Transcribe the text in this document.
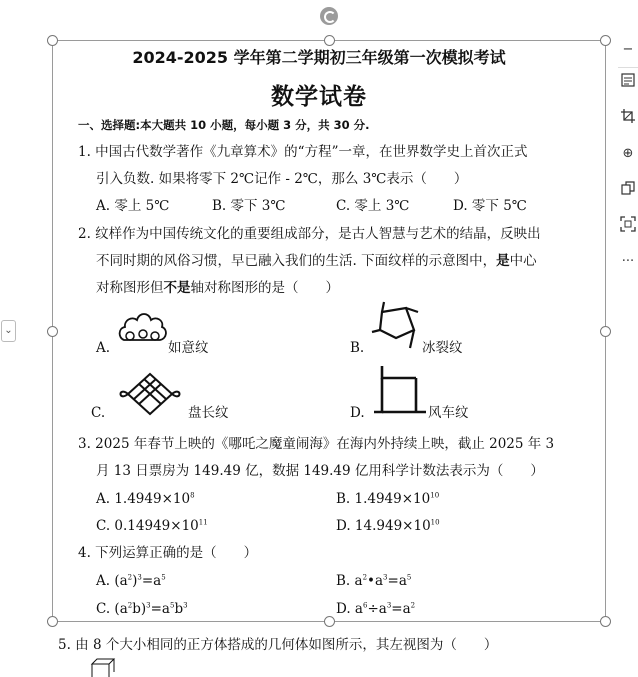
⌄
−
⊕
···
2024-2025 学年第二学期初三年级第一次模拟考试
数学试卷
一、选择题:本大题共 10 小题，每小题 3 分，共 30 分.
1. 中国古代数学著作《九章算术》的“方程”一章，在世界数学史上首次正式
引入负数. 如果将零下 2℃记作 - 2℃，那么 3℃表示（　　）
A. 零上 5℃	B. 零下 3℃	C. 零上 3℃	D. 零下 5℃
2. 纹样作为中国传统文化的重要组成部分，是古人智慧与艺术的结晶，反映出
不同时期的风俗习惯，早已融入我们的生活. 下面纹样的示意图中，是中心
对称图形但不是轴对称图形的是（　　）
A.	如意纹	B.	冰裂纹
C.	盘长纹	D.	风车纹
3. 2025 年春节上映的《哪吒之魔童闹海》在海内外持续上映，截止 2025 年 3
月 13 日票房为 149.49 亿，数据 149.49 亿用科学计数法表示为（　　）
A. $1.4949\times 10^8$	B. $1.4949\times 10^{10}$
C. $0.14949\times 10^{11}$	D. $14.949\times 10^{10}$
4. 下列运算正确的是（　　）
A. $(a^2)^3=a^5$	B. $a^2•a^3=a^5$
C. $(a^2b)^3=a^5b^3$	D. $a^6\div a^3=a^2$
5. 由 8 个大小相同的正方体搭成的几何体如图所示，其左视图为（　　）
